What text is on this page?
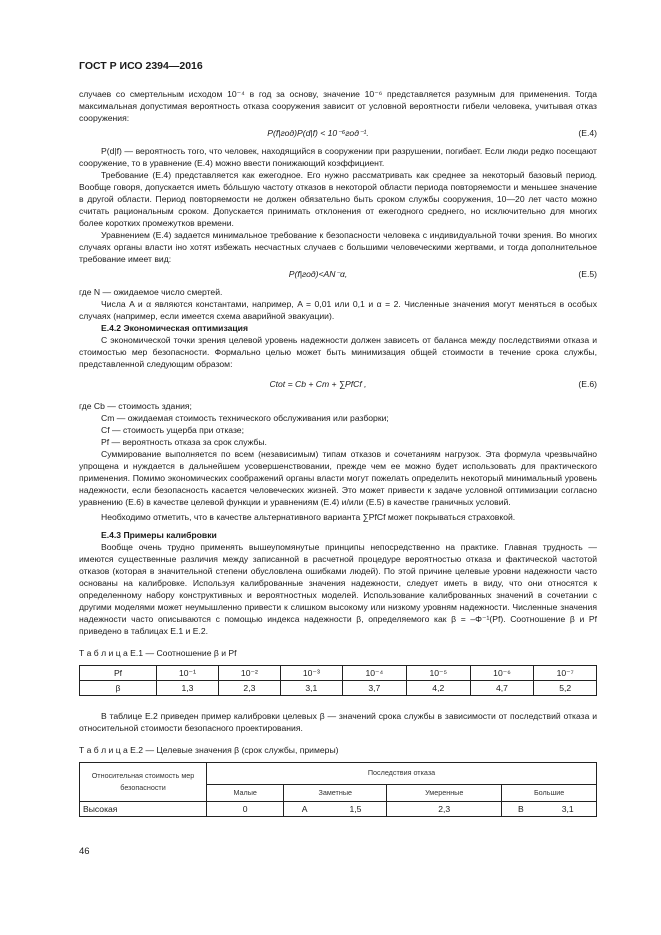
ГОСТ Р ИСО 2394—2016

случаев со смертельным исходом 10⁻⁴ в год за основу, значение 10⁻⁶ представляется разумным для применения. Тогда максимальная допустимая вероятность отказа сооружения зависит от условной вероятности гибели человека, учитывая отказ сооружения:

P(f|год)P(d|f) < 10⁻⁶год⁻¹.	(E.4)

P(d|f) — вероятность того, что человек, находящийся в сооружении при разрушении, погибает. Если люди редко посещают сооружение, то в уравнение (E.4) можно ввести понижающий коэффициент.

Требование (E.4) представляется как ежегодное. Его нужно рассматривать как среднее за некоторый базовый период. Вообще говоря, допускается иметь бо́льшую частоту отказов в некоторой области периода повторяемости и меньшее значение в другой области. Период повторяемости не должен обязательно быть сроком службы сооружения, 10—20 лет часто можно считать рациональным сроком. Допускается принимать отклонения от ежегодного среднего, но исключительно для многих более коротких промежутков времени.

Уравнением (E.4) задается минимальное требование к безопасности человека с индивидуальной точки зрения. Во многих случаях органы власти іно хотят избежать несчастных случаев с большими человеческими жертвами, и тогда дополнительное требование имеет вид:

P(f|год)<AN⁻α,	(E.5)

где N — ожидаемое число смертей.

Числа A и α являются константами, например, A = 0,01 или 0,1 и α = 2. Численные значения могут меняться в особых случаях (например, если имеется схема аварийной эвакуации).

E.4.2 Экономическая оптимизация

С экономической точки зрения целевой уровень надежности должен зависеть от баланса между последствиями отказа и стоимостью мер безопасности. Формально целью может быть минимизация общей стоимости в течение срока службы, представленной следующим образом:

Ctot = Cb + Cm + ∑PfCf ,	(E.6)
где Cb — стоимость здания;
Cm — ожидаемая стоимость технического обслуживания или разборки;
Cf — стоимость ущерба при отказе;
Pf — вероятность отказа за срок службы.

Суммирование выполняется по всем (независимым) типам отказов и сочетаниям нагрузок. Эта формула чрезвычайно упрощена и нуждается в дальнейшем усовершенствовании, прежде чем ее можно будет использовать для практического применения. Помимо экономических соображений органы власти могут пожелать определить некоторый минимальный уровень надежности, если безопасность касается человеческих жизней. Это может привести к задаче условной оптимизации согласно уравнению (E.6) в качестве целевой функции и уравнениям (E.4) и/или (E.5) в качестве граничных условий.

Необходимо отметить, что в качестве альтернативного варианта ∑PfCf может покрываться страховкой.

E.4.3 Примеры калибровки

Вообще очень трудно применять вышеупомянутые принципы непосредственно на практике. Главная трудность — имеются существенные различия между записанной в расчетной процедуре вероятностью отказа и фактической частотой отказов (которая в значительной степени обусловлена ошибками людей). По этой причине целевые уровни надежности часто основаны на калибровке. Используя калиброванные значения надежности, следует иметь в виду, что они относятся к определенному набору конструктивных и вероятностных моделей. Использование калиброванных значений в сочетании с другими моделями может неумышленно привести к слишком высокому или низкому уровням надежности. Численные значения надежности часто описываются с помощью индекса надежности β, определяемого как β = –Φ⁻¹(Pf). Соотношение β и Pf приведено в таблицах E.1 и E.2.

Т а б л и ц а E.1 — Соотношение β и Pf
Pf	10⁻¹	10⁻²	10⁻³	10⁻⁴	10⁻⁵	10⁻⁶	10⁻⁷
β	1,3	2,3	3,1	3,7	4,2	4,7	5,2

В таблице E.2 приведен пример калибровки целевых β — значений срока службы в зависимости от последствий отказа и относительной стоимости безопасного проектирования.

Т а б л и ц а E.2 — Целевые значения β (срок службы, примеры)
Относительная стоимость мер безопасности	Последствия отказа					
	Малые	Заметные		Умеренные	Большие	
Высокая	0	A	1,5	2,3	B	3,1
46
